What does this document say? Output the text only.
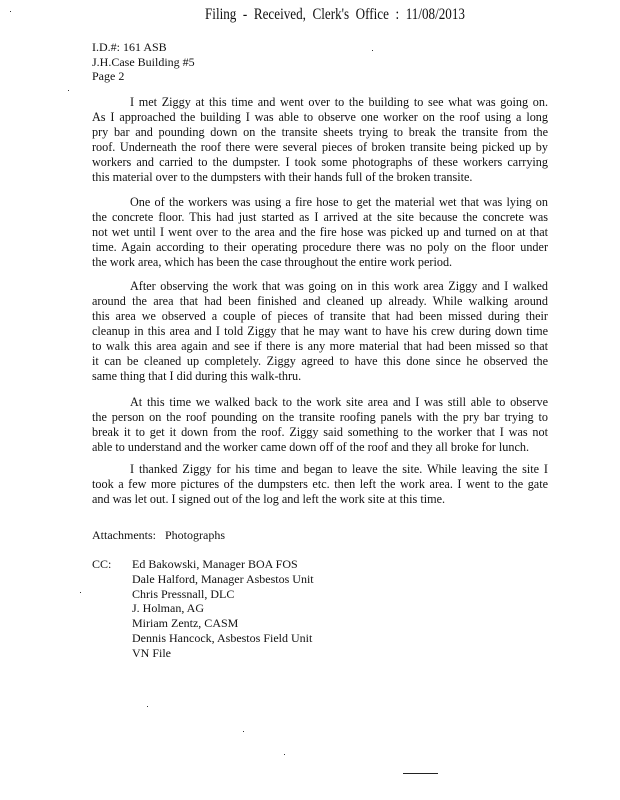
Filing - Received, Clerk's Office : 11/08/2013
I.D.#: 161 ASB
J.H.Case Building #5
Page 2
I met Ziggy at this time and went over to the building to see what was going on.
As I approached the building I was able to observe one worker on the roof using a long
pry bar and pounding down on the transite sheets trying to break the transite from the
roof. Underneath the roof there were several pieces of broken transite being picked up by
workers and carried to the dumpster. I took some photographs of these workers carrying
this material over to the dumpsters with their hands full of the broken transite.
One of the workers was using a fire hose to get the material wet that was lying on
the concrete floor. This had just started as I arrived at the site because the concrete was
not wet until I went over to the area and the fire hose was picked up and turned on at that
time. Again according to their operating procedure there was no poly on the floor under
the work area, which has been the case throughout the entire work period.
After observing the work that was going on in this work area Ziggy and I walked
around the area that had been finished and cleaned up already. While walking around
this area we observed a couple of pieces of transite that had been missed during their
cleanup in this area and I told Ziggy that he may want to have his crew during down time
to walk this area again and see if there is any more material that had been missed so that
it can be cleaned up completely. Ziggy agreed to have this done since he observed the
same thing that I did during this walk-thru.
At this time we walked back to the work site area and I was still able to observe
the person on the roof pounding on the transite roofing panels with the pry bar trying to
break it to get it down from the roof. Ziggy said something to the worker that I was not
able to understand and the worker came down off of the roof and they all broke for lunch.
I thanked Ziggy for his time and began to leave the site. While leaving the site I
took a few more pictures of the dumpsters etc. then left the work area. I went to the gate
and was let out. I signed out of the log and left the work site at this time.
Attachments:   Photographs
CC:	Ed Bakowski, Manager BOA FOS
Dale Halford, Manager Asbestos Unit
Chris Pressnall, DLC
J. Holman, AG
Miriam Zentz, CASM
Dennis Hancock, Asbestos Field Unit
VN File
